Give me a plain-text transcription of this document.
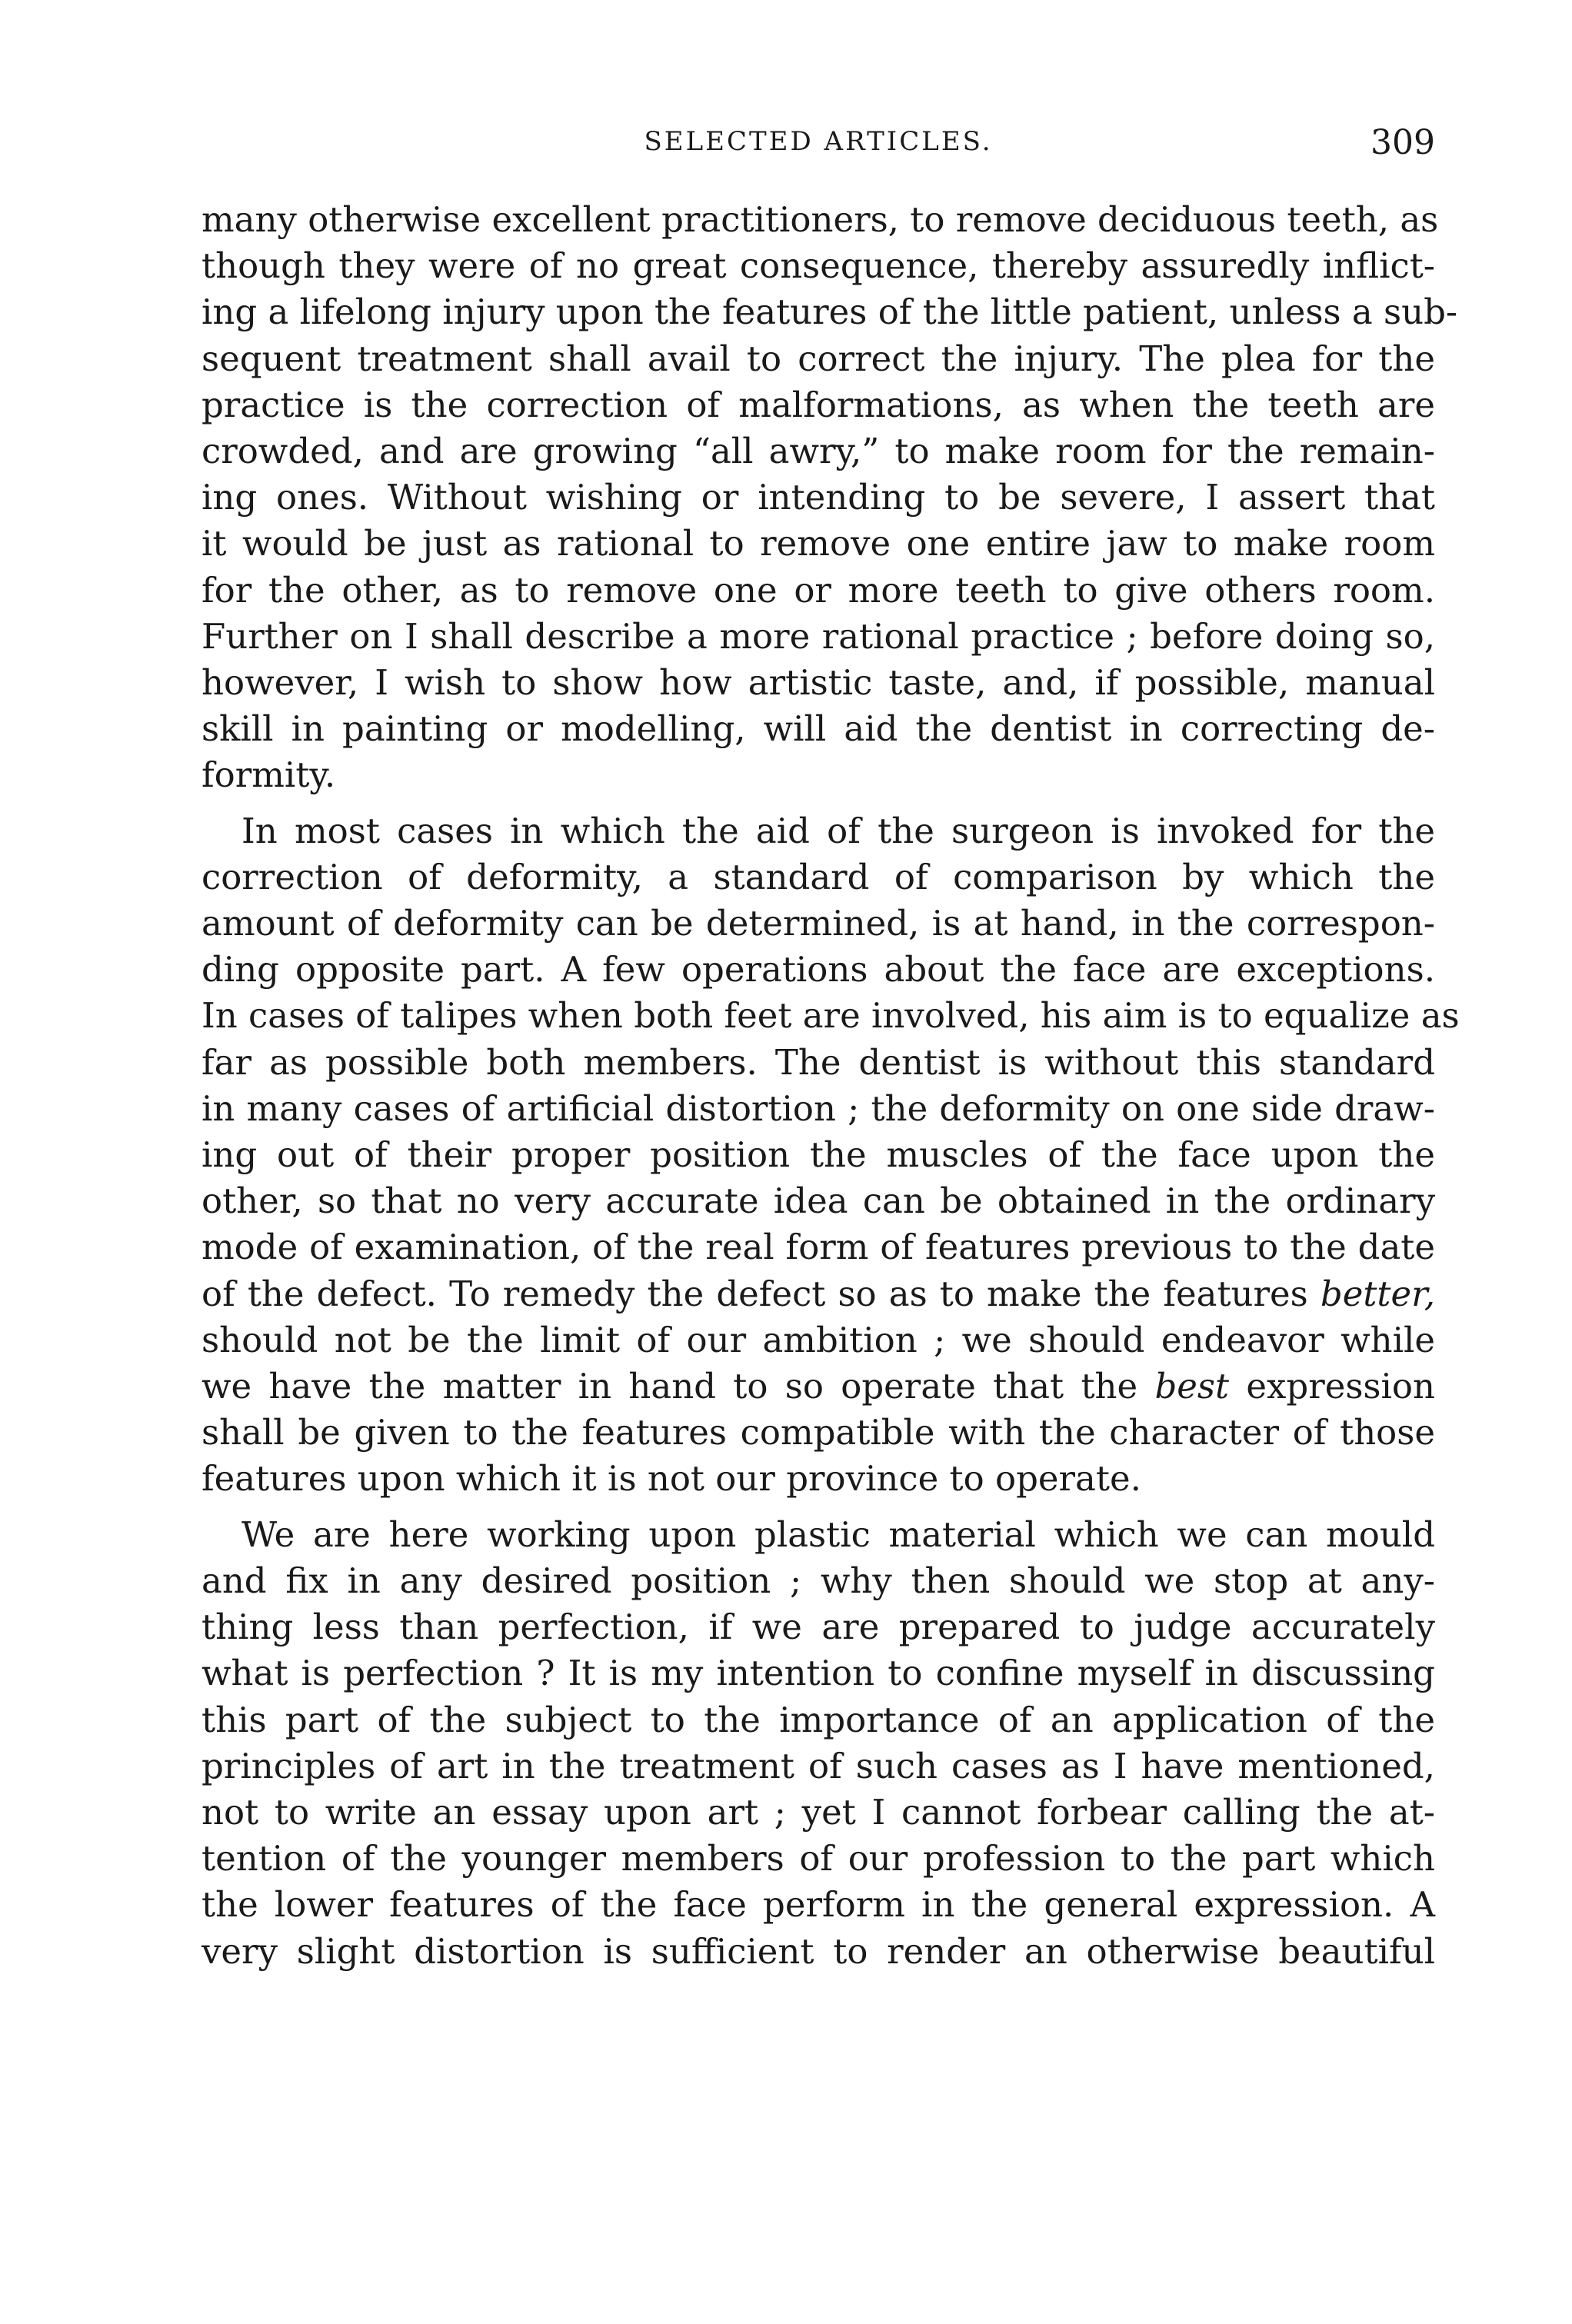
SELECTED ARTICLES.	309

many otherwise excellent practitioners, to remove deciduous teeth, as
though they were of no great consequence, thereby assuredly inflict-
ing a lifelong injury upon the features of the little patient, unless a sub-
sequent treatment shall avail to correct the injury. The plea for the
practice is the correction of malformations, as when the teeth are
crowded, and are growing “all awry,” to make room for the remain-
ing ones. Without wishing or intending to be severe, I assert that
it would be just as rational to remove one entire jaw to make room
for the other, as to remove one or more teeth to give others room.
Further on I shall describe a more rational practice ; before doing so,
however, I wish to show how artistic taste, and, if possible, manual
skill in painting or modelling, will aid the dentist in correcting de-
formity.

In most cases in which the aid of the surgeon is invoked for the
correction of deformity, a standard of comparison by which the
amount of deformity can be determined, is at hand, in the correspon-
ding opposite part. A few operations about the face are exceptions.
In cases of talipes when both feet are involved, his aim is to equalize as
far as possible both members. The dentist is without this standard
in many cases of artificial distortion ; the deformity on one side draw-
ing out of their proper position the muscles of the face upon the
other, so that no very accurate idea can be obtained in the ordinary
mode of examination, of the real form of features previous to the date
of the defect. To remedy the defect so as to make the features better,
should not be the limit of our ambition ; we should endeavor while
we have the matter in hand to so operate that the best expression
shall be given to the features compatible with the character of those
features upon which it is not our province to operate.

We are here working upon plastic material which we can mould
and fix in any desired position ; why then should we stop at any-
thing less than perfection, if we are prepared to judge accurately
what is perfection ? It is my intention to confine myself in discussing
this part of the subject to the importance of an application of the
principles of art in the treatment of such cases as I have mentioned,
not to write an essay upon art ; yet I cannot forbear calling the at-
tention of the younger members of our profession to the part which
the lower features of the face perform in the general expression. A
very slight distortion is sufficient to render an otherwise beautiful
